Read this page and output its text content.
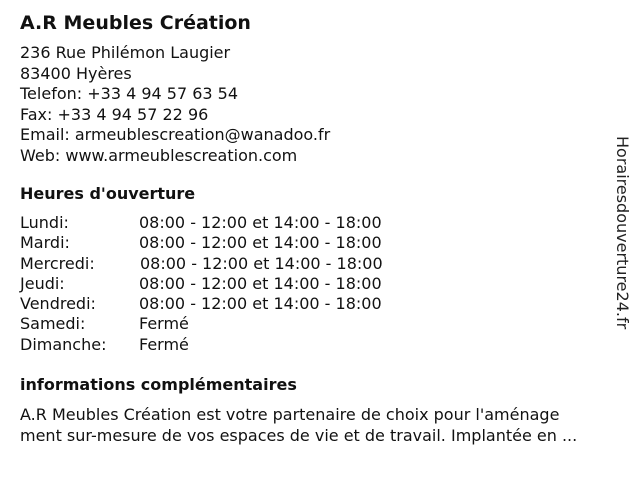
A.R Meubles Création
236 Rue Philémon Laugier
83400 Hyères
Telefon: +33 4 94 57 63 54
Fax: +33 4 94 57 22 96
Email: armeublescreation@wanadoo.fr
Web: www.armeublescreation.com
Heures d'ouverture
Lundi:	08:00 - 12:00 et 14:00 - 18:00
Mardi:	08:00 - 12:00 et 14:00 - 18:00
Mercredi:	08:00 - 12:00 et 14:00 - 18:00
Jeudi:	08:00 - 12:00 et 14:00 - 18:00
Vendredi:	08:00 - 12:00 et 14:00 - 18:00
Samedi:	Fermé
Dimanche:	Fermé
informations complémentaires
A.R Meubles Création est votre partenaire de choix pour l'aménage
ment sur-mesure de vos espaces de vie et de travail. Implantée en ...
Horairesdouverture24.fr
